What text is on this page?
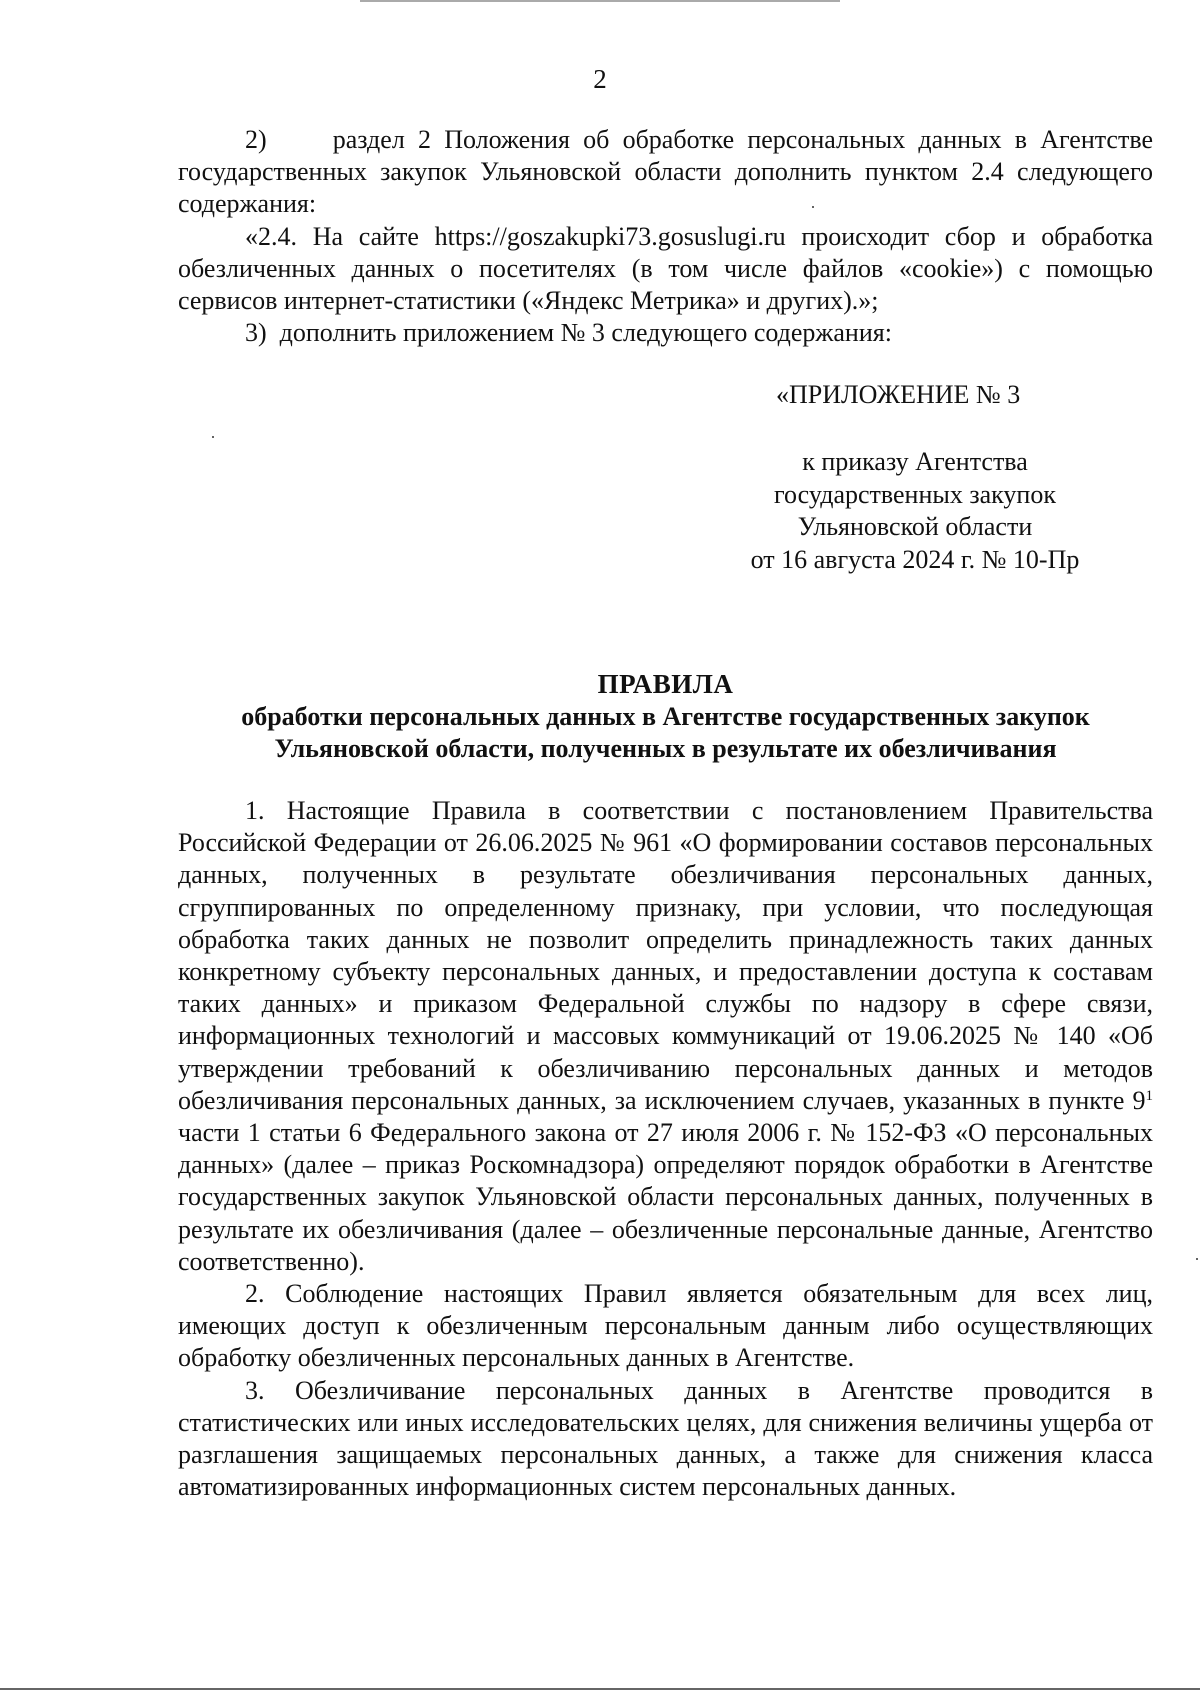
2

2)     раздел 2 Положения об обработке персональных данных в Агентстве государственных закупок Ульяновской области дополнить пунктом 2.4 следующего содержания:

«2.4. На сайте https://goszakupki73.gosuslugi.ru происходит сбор и обработка обезличенных данных о посетителях (в том числе файлов «cookie») с помощью сервисов интернет-статистики («Яндекс Метрика» и других).»;

3)  дополнить приложением № 3 следующего содержания:

«ПРИЛОЖЕНИЕ № 3
к приказу Агентства
государственных закупок
Ульяновской области
от 16 августа 2024 г. № 10-Пр
ПРАВИЛА
обработки персональных данных в Агентстве государственных закупок
Ульяновской области, полученных в результате их обезличивания

1. Настоящие Правила в соответствии с постановлением Правительства Российской Федерации от 26.06.2025 № 961 «О формировании составов персональных данных, полученных в результате обезличивания персональных данных, сгруппированных по определенному признаку, при условии, что последующая обработка таких данных не позволит определить принадлежность таких данных конкретному субъекту персональных данных, и предоставлении доступа к составам таких данных» и приказом Федеральной службы по надзору в сфере связи, информационных технологий и массовых коммуникаций от 19.06.2025 № 140 «Об утверждении требований к обезличиванию персональных данных и методов обезличивания персональных данных, за исключением случаев, указанных в пункте $9^1$ части 1 статьи 6 Федерального закона от 27 июля 2006 г. № 152-ФЗ «О персональных данных» (далее – приказ Роскомнадзора) определяют порядок обработки в Агентстве государственных закупок Ульяновской области персональных данных, полученных в результате их обезличивания (далее – обезличенные персональные данные, Агентство соответственно).

2. Соблюдение настоящих Правил является обязательным для всех лиц, имеющих доступ к обезличенным персональным данным либо осуществляющих обработку обезличенных персональных данных в Агентстве.

3. Обезличивание персональных данных в Агентстве проводится в статистических или иных исследовательских целях, для снижения величины ущерба от разглашения защищаемых персональных данных, а также для снижения класса автоматизированных информационных систем персональных данных.
